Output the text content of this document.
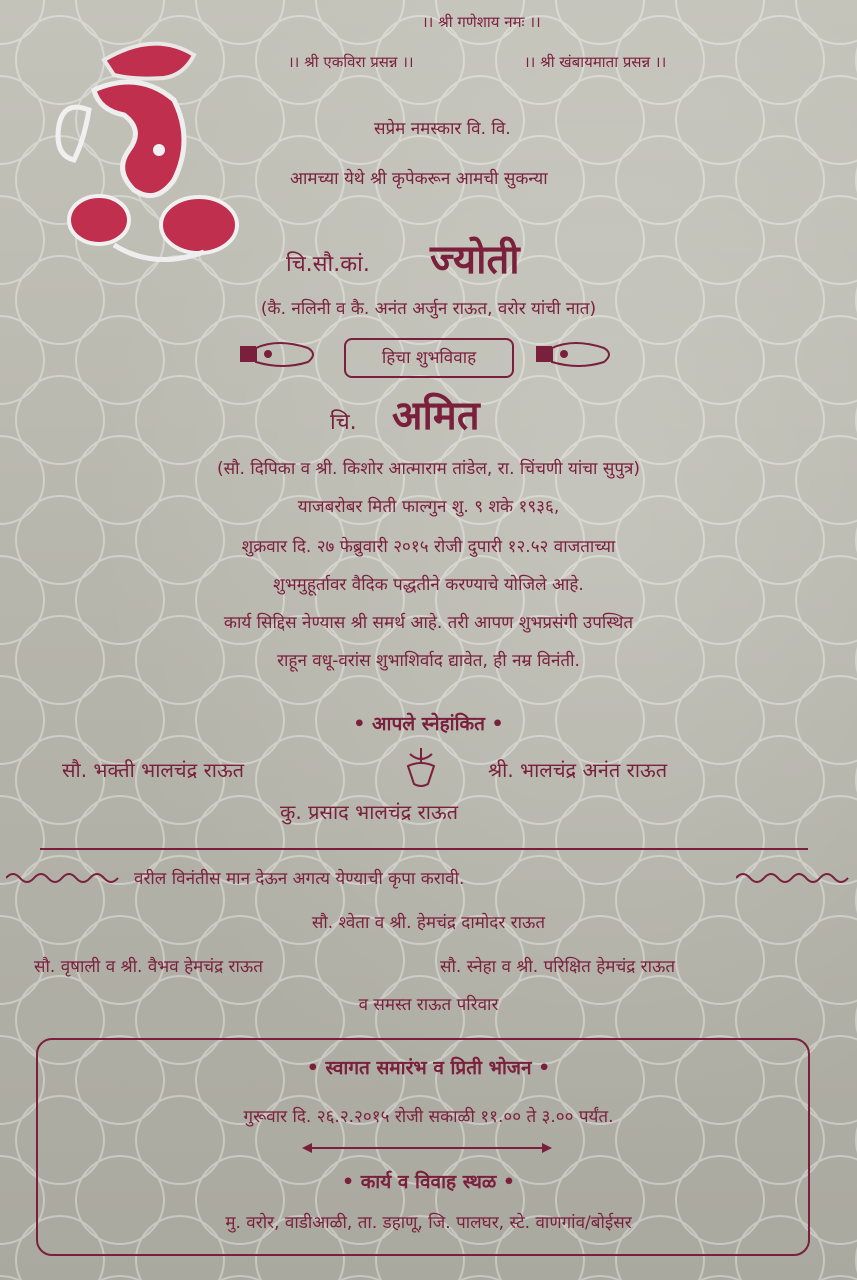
।। श्री गणेशाय नमः ।।
।। श्री एकविरा प्रसन्न ।।	।। श्री खंबायमाता प्रसन्न ।।
सप्रेम नमस्कार वि. वि.
आमच्या येथे श्री कृपेकरून आमची सुकन्या
चि.सौ.कां. ज्योती
(कै. नलिनी व कै. अनंत अर्जुन राऊत, वरोर यांची नात)
हिचा शुभविवाह
चि. अमित
(सौ. दिपिका व श्री. किशोर आत्माराम तांडेल, रा. चिंचणी यांचा सुपुत्र)
याजबरोबर मिती फाल्गुन शु. ९ शके १९३६,
शुक्रवार दि. २७ फेब्रुवारी २०१५ रोजी दुपारी १२.५२ वाजताच्या
शुभमुहूर्तावर वैदिक पद्धतीने करण्याचे योजिले आहे.
कार्य सिद्दिस नेण्यास श्री समर्थ आहे. तरी आपण शुभप्रसंगी उपस्थित
राहून वधू-वरांस शुभाशिर्वाद द्यावेत, ही नम्र विनंती.
• आपले स्नेहांकित •
सौ. भक्ती भालचंद्र राऊत	श्री. भालचंद्र अनंत राऊत
कु. प्रसाद भालचंद्र राऊत
वरील विनंतीस मान देऊन अगत्य येण्याची कृपा करावी.
सौ. श्वेता व श्री. हेमचंद्र दामोदर राऊत
सौ. वृषाली व श्री. वैभव हेमचंद्र राऊत	सौ. स्नेहा व श्री. परिक्षित हेमचंद्र राऊत
व समस्त राऊत परिवार
• स्वागत समारंभ व प्रिती भोजन •
गुरूवार दि. २६.२.२०१५ रोजी सकाळी ११.०० ते ३.०० पर्यंत.
• कार्य व विवाह स्थळ •
मु. वरोर, वाडीआळी, ता. डहाणू, जि. पालघर, स्टे. वाणगांव/बोईसर
